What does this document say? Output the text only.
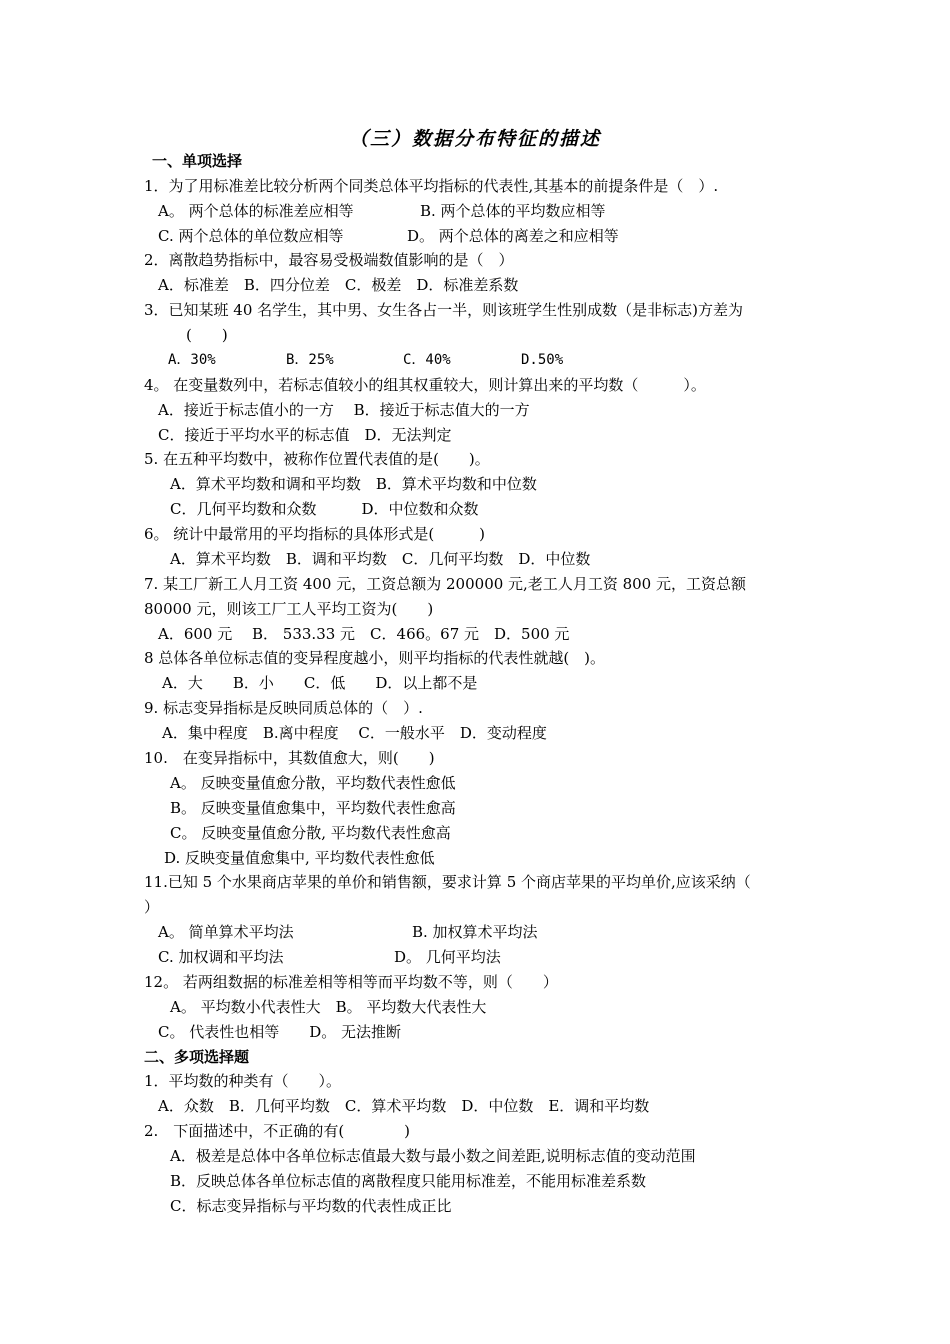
（三）数据分布特征的描述
一、单项选择
1．为了用标准差比较分析两个同类总体平均指标的代表性,其基本的前提条件是（　）.
A。 两个总体的标准差应相等	B. 两个总体的平均数应相等
C. 两个总体的单位数应相等	D。 两个总体的离差之和应相等
2．离散趋势指标中，最容易受极端数值影响的是（　）
A．标准差　B．四分位差　C．极差　D．标准差系数
3．已知某班 40 名学生，其中男、女生各占一半，则该班学生性别成数（是非标志)方差为
(　　)
A．30%	B．25%	C．40%	D.50%
4。 在变量数列中，若标志值较小的组其权重较大，则计算出来的平均数（　　　）。
A．接近于标志值小的一方　 B．接近于标志值大的一方
C．接近于平均水平的标志值　D．无法判定
5. 在五种平均数中，被称作位置代表值的是(　　)。
A．算术平均数和调和平均数　B．算术平均数和中位数
C．几何平均数和众数　　　D．中位数和众数
6。 统计中最常用的平均指标的具体形式是(　　　)
A．算术平均数　B．调和平均数　C．几何平均数　D．中位数
7. 某工厂新工人月工资 400 元，工资总额为 200000 元,老工人月工资 800 元，工资总额
80000 元，则该工厂工人平均工资为(　　)
A．600 元　 B． 533.33 元　C．466。67 元　D．500 元
8 总体各单位标志值的变异程度越小，则平均指标的代表性就越(　)。
A．大　　B．小　　C．低　　D．以上都不是
9. 标志变异指标是反映同质总体的（　）.
A．集中程度　B.离中程度　 C．一般水平　D．变动程度
10.　在变异指标中，其数值愈大，则(　　)
A。 反映变量值愈分散，平均数代表性愈低
B。 反映变量值愈集中，平均数代表性愈高
C。 反映变量值愈分散, 平均数代表性愈高
D. 反映变量值愈集中, 平均数代表性愈低
11.已知 5 个水果商店苹果的单价和销售额，要求计算 5 个商店苹果的平均单价,应该采纳（
）
A。 简单算术平均法	B. 加权算术平均法
C. 加权调和平均法	D。 几何平均法
12。 若两组数据的标准差相等相等而平均数不等，则（　　）
A。 平均数小代表性大　B。 平均数大代表性大
C。 代表性也相等　　D。 无法推断
二、多项选择题
1．平均数的种类有（　　）。
A．众数　B．几何平均数　C．算术平均数　D．中位数　E．调和平均数
2.　下面描述中，不正确的有(　　　　)
A．极差是总体中各单位标志值最大数与最小数之间差距,说明标志值的变动范围
B．反映总体各单位标志值的离散程度只能用标准差，不能用标准差系数
C．标志变异指标与平均数的代表性成正比
